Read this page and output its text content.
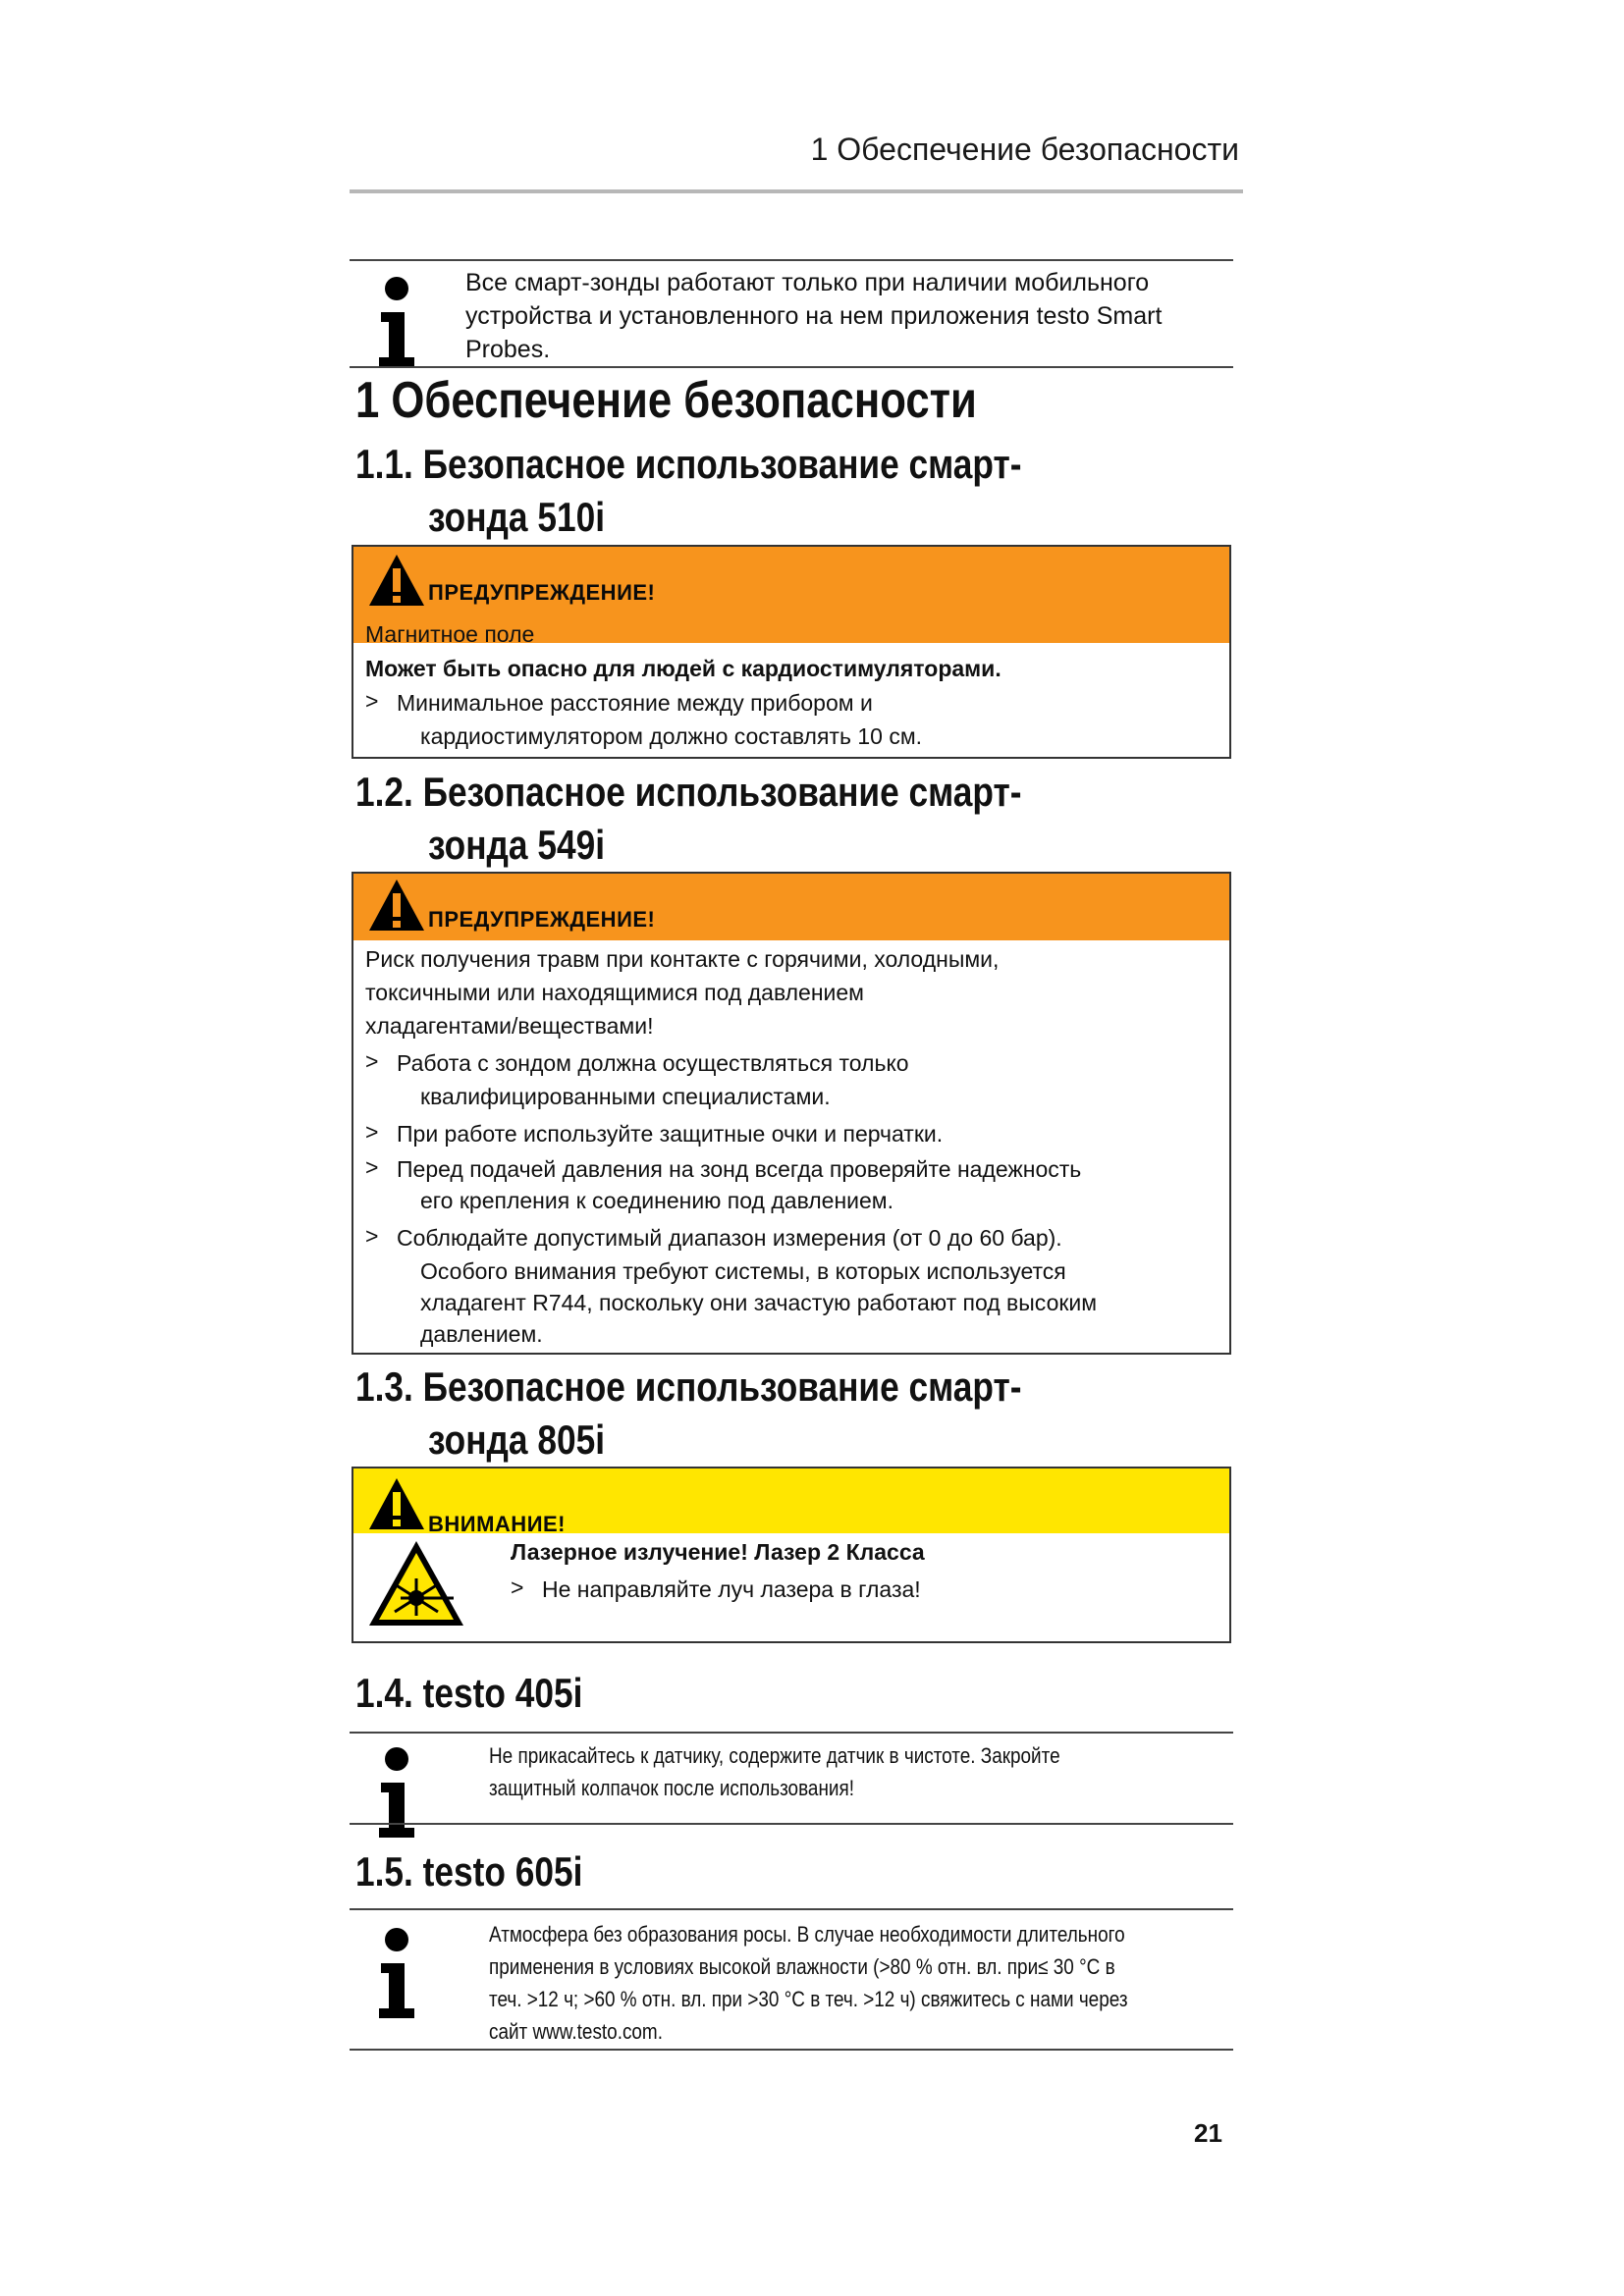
1 Обеспечение безопасности
Все смарт-зонды работают только при наличии мобильного
устройства и установленного на нем приложения testo Smart
Probes.
1 Обеспечение безопасности
1.1. Безопасное использование смарт-
зонда 510i
ПРЕДУПРЕЖДЕНИЕ!
Магнитное поле
Может быть опасно для людей с кардиостимуляторами.
> Минимальное расстояние между прибором и
кардиостимулятором должно составлять 10 см.
1.2. Безопасное использование смарт-
зонда 549i
ПРЕДУПРЕЖДЕНИЕ!
Риск получения травм при контакте с горячими, холодными,
токсичными или находящимися под давлением
хладагентами/веществами!
> Работа с зондом должна осуществляться только
квалифицированными специалистами.
> При работе используйте защитные очки и перчатки.
> Перед подачей давления на зонд всегда проверяйте надежность
его крепления к соединению под давлением.
> Соблюдайте допустимый диапазон измерения (от 0 до 60 бар).
Особого внимания требуют системы, в которых используется
хладагент R744, поскольку они зачастую работают под высоким
давлением.
1.3. Безопасное использование смарт-
зонда 805i
ВНИМАНИЕ!
Лазерное излучение! Лазер 2 Класса
> Не направляйте луч лазера в глаза!
1.4. testo 405i
Не прикасайтесь к датчику, содержите датчик в чистоте. Закройте
защитный колпачок после использования!
1.5. testo 605i
Атмосфера без образования росы. В случае необходимости длительного
применения в условиях высокой влажности (>80 % отн. вл. при≤ 30 °C в
теч. >12 ч; >60 % отн. вл. при >30 °C в теч. >12 ч) свяжитесь с нами через
сайт www.testo.com.
21
